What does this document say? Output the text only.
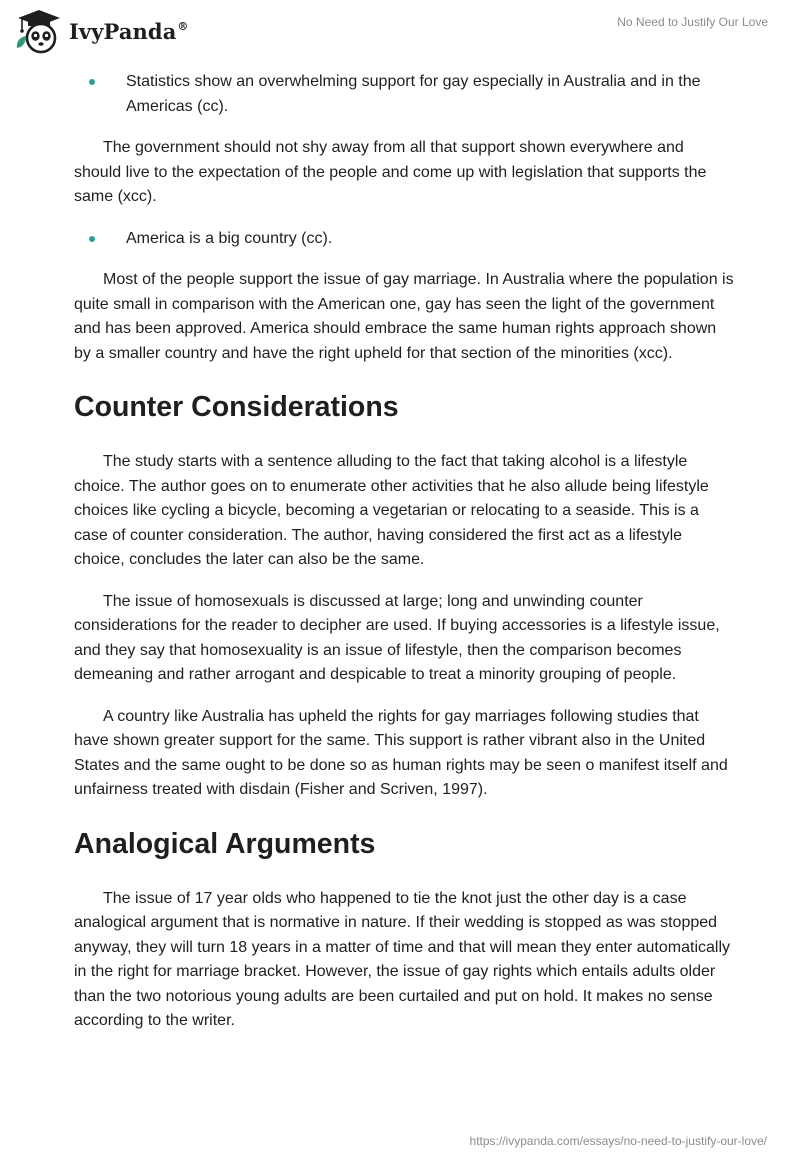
IvyPanda®	No Need to Justify Our Love
Statistics show an overwhelming support for gay especially in Australia and in the Americas (cc).

The government should not shy away from all that support shown everywhere and should live to the expectation of the people and come up with legislation that supports the same (xcc).

America is a big country (cc).

Most of the people support the issue of gay marriage. In Australia where the population is quite small in comparison with the American one, gay has seen the light of the government and has been approved. America should embrace the same human rights approach shown by a smaller country and have the right upheld for that section of the minorities (xcc).

Counter Considerations

The study starts with a sentence alluding to the fact that taking alcohol is a lifestyle choice. The author goes on to enumerate other activities that he also allude being lifestyle choices like cycling a bicycle, becoming a vegetarian or relocating to a seaside. This is a case of counter consideration. The author, having considered the first act as a lifestyle choice, concludes the later can also be the same.

The issue of homosexuals is discussed at large; long and unwinding counter considerations for the reader to decipher are used. If buying accessories is a lifestyle issue, and they say that homosexuality is an issue of lifestyle, then the comparison becomes demeaning and rather arrogant and despicable to treat a minority grouping of people.

A country like Australia has upheld the rights for gay marriages following studies that have shown greater support for the same. This support is rather vibrant also in the United States and the same ought to be done so as human rights may be seen o manifest itself and unfairness treated with disdain (Fisher and Scriven, 1997).

Analogical Arguments

The issue of 17 year olds who happened to tie the knot just the other day is a case analogical argument that is normative in nature. If their wedding is stopped as was stopped anyway, they will turn 18 years in a matter of time and that will mean they enter automatically in the right for marriage bracket. However, the issue of gay rights which entails adults older than the two notorious young adults are been curtailed and put on hold. It makes no sense according to the writer.

https://ivypanda.com/essays/no-need-to-justify-our-love/
